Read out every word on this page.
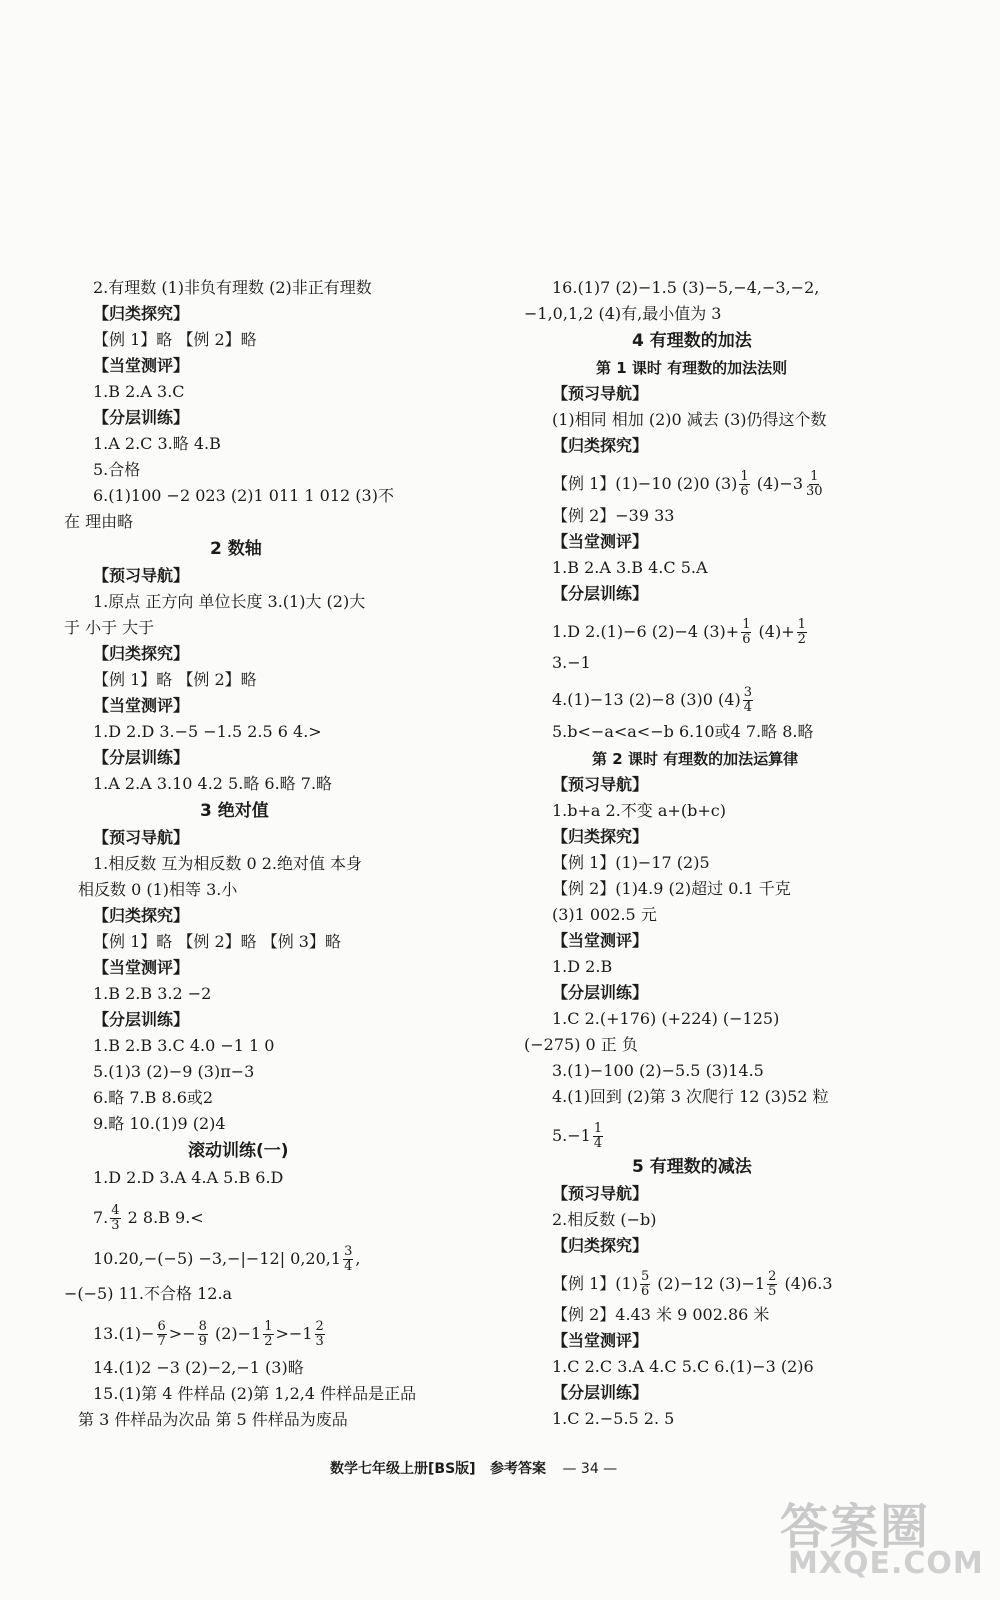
2.有理数 (1)非负有理数 (2)非正有理数
【归类探究】
【例 1】略 【例 2】略
【当堂测评】
1.B 2.A 3.C
【分层训练】
1.A 2.C 3.略 4.B
5.合格
6.(1)100 −2 023 (2)1 011 1 012 (3)不
在 理由略
2 数轴
【预习导航】
1.原点 正方向 单位长度 3.(1)大 (2)大
于 小于 大于
【归类探究】
【例 1】略 【例 2】略
【当堂测评】
1.D 2.D 3.−5 −1.5 2.5 6 4.>
【分层训练】
1.A 2.A 3.10 4.2 5.略 6.略 7.略
3 绝对值
【预习导航】
1.相反数 互为相反数 0 2.绝对值 本身
相反数 0 (1)相等 3.小
【归类探究】
【例 1】略 【例 2】略 【例 3】略
【当堂测评】
1.B 2.B 3.2 −2
【分层训练】
1.B 2.B 3.C 4.0 −1 1 0
5.(1)3 (2)−9 (3)π−3
6.略 7.B 8.6或2
9.略 10.(1)9 (2)4
滚动训练(一)
1.D 2.D 3.A 4.A 5.B 6.D
7. $\frac{4}{3} 2$ 8.B 9.<
10.20,−(−5) −3,−|−12| $0,20,1 \frac{3}{4}$ ,
−(−5) 11.不合格 12.a
$13.(1)- \frac{6}{7} >- \frac{8}{9} (2)-1 \frac{1}{2} >-1 \frac{2}{3}$
14.(1)2 −3 (2)−2,−1 (3)略
15.(1)第 4 件样品 (2)第 1,2,4 件样品是正品
第 3 件样品为次品 第 5 件样品为废品
16.(1)7 (2)−1.5 (3)−5,−4,−3,−2,
−1,0,1,2 (4)有,最小值为 3
4 有理数的加法
第 1 课时 有理数的加法法则
【预习导航】
(1)相同 相加 (2)0 减去 (3)仍得这个数
【归类探究】
【例 1】(1)−10 (2)0 $(3) \frac{1}{6} (4)-3 \frac{1}{30}$
【例 2】−39 33
【当堂测评】
1.B 2.A 3.B 4.C 5.A
【分层训练】
1.D 2.(1)−6 (2)−4 $(3)+ \frac{1}{6} (4)+ \frac{1}{2}$
3.−1
4.(1)−13 (2)−8 (3)0 $(4) \frac{3}{4}$
5.b<−a<a<−b 6.10或4 7.略 8.略
第 2 课时 有理数的加法运算律
【预习导航】
1.b+a 2.不变 a+(b+c)
【归类探究】
【例 1】(1)−17 (2)5
【例 2】(1)4.9 (2)超过 0.1 千克
(3)1 002.5 元
【当堂测评】
1.D 2.B
【分层训练】
1.C 2.(+176) (+224) (−125)
(−275) 0 正 负
3.(1)−100 (2)−5.5 (3)14.5
4.(1)回到 (2)第 3 次爬行 12 (3)52 粒
$5.-1 \frac{1}{4}$
5 有理数的减法
【预习导航】
2.相反数 (−b)
【归类探究】
【例 1】$(1) \frac{5}{6} (2)-12$ $(3)-1 \frac{2}{5} (4)6.3$
【例 2】4.43 米 9 002.86 米
【当堂测评】
1.C 2.C 3.A 4.C 5.C 6.(1)−3 (2)6
【分层训练】
1.C 2.−5.5 2. 5
数学七年级上册[BS版] 参考答案 — 34 —
答案圈
MXQE.COM
